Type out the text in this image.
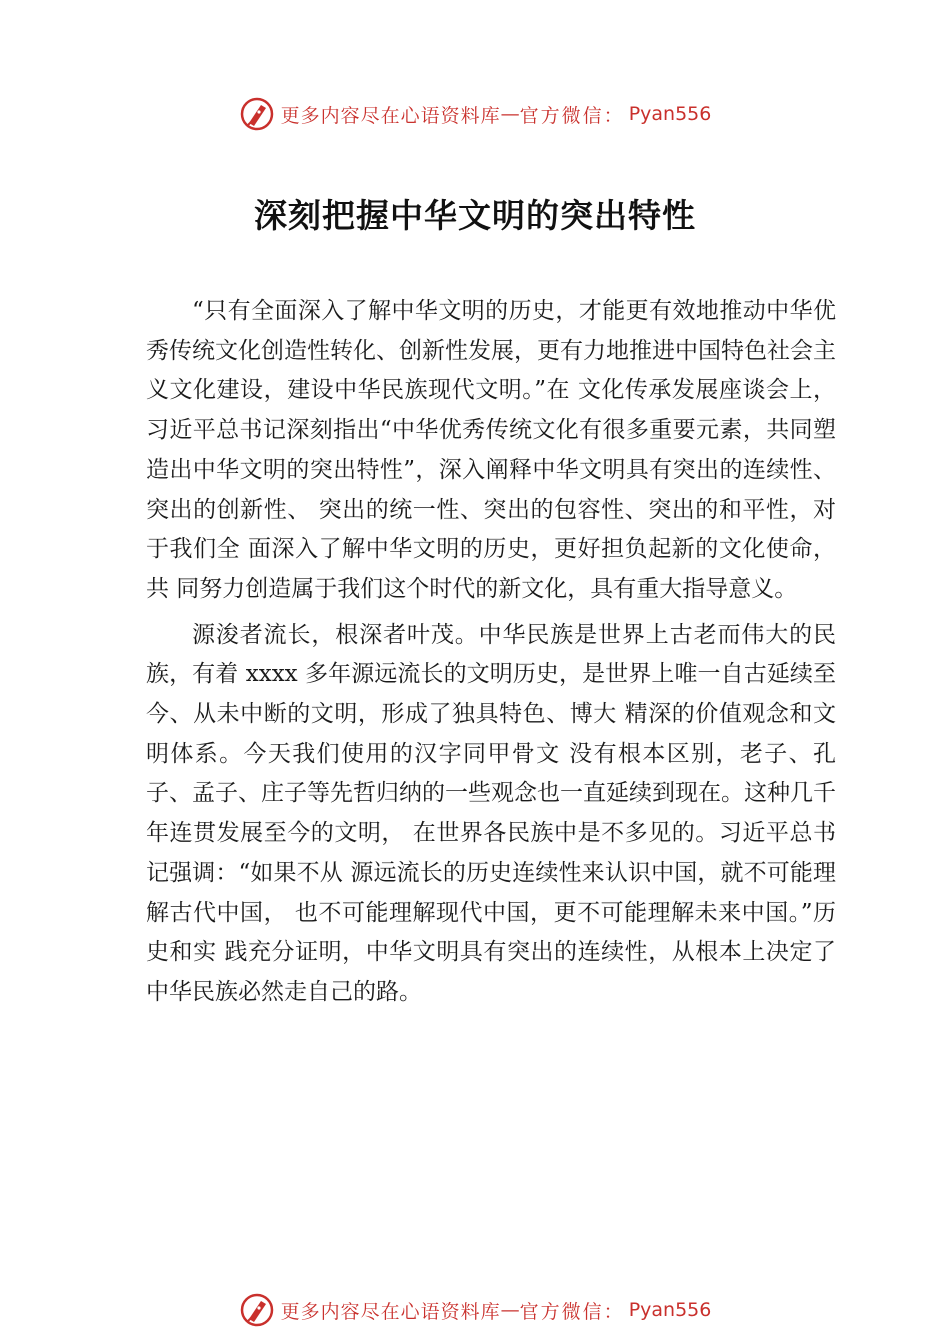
更多内容尽在心语资料库 — 官方微信： Pyan556
深刻把握中华文明的突出特性

“只有全面深入了解中华文明的历史，才能更有效地推动中华优秀传统文化创造性转化、创新性发展，更有力地推进中国特色社会主义文化建设，建设中华民族现代文明。”在 文化传承发展座谈会上，习近平总书记深刻指出“中华优秀传统文化有很多重要元素，共同塑造出中华文明的突出特性”，深入阐释中华文明具有突出的连续性、突出的创新性、 突出的统一性、突出的包容性、突出的和平性，对于我们全 面深入了解中华文明的历史，更好担负起新的文化使命，共 同努力创造属于我们这个时代的新文化，具有重大指导意义。

源浚者流长，根深者叶茂。中华民族是世界上古老而伟大的民族，有着 xxxx 多年源远流长的文明历史，是世界上唯一自古延续至今、从未中断的文明，形成了独具特色、博大 精深的价值观念和文明体系。今天我们使用的汉字同甲骨文 没有根本区别，老子、孔子、孟子、庄子等先哲归纳的一些观念也一直延续到现在。这种几千年连贯发展至今的文明， 在世界各民族中是不多见的。习近平总书记强调：“如果不从 源远流长的历史连续性来认识中国，就不可能理解古代中国， 也不可能理解现代中国，更不可能理解未来中国。”历史和实 践充分证明，中华文明具有突出的连续性，从根本上决定了 中华民族必然走自己的路。

更多内容尽在心语资料库 — 官方微信： Pyan556
